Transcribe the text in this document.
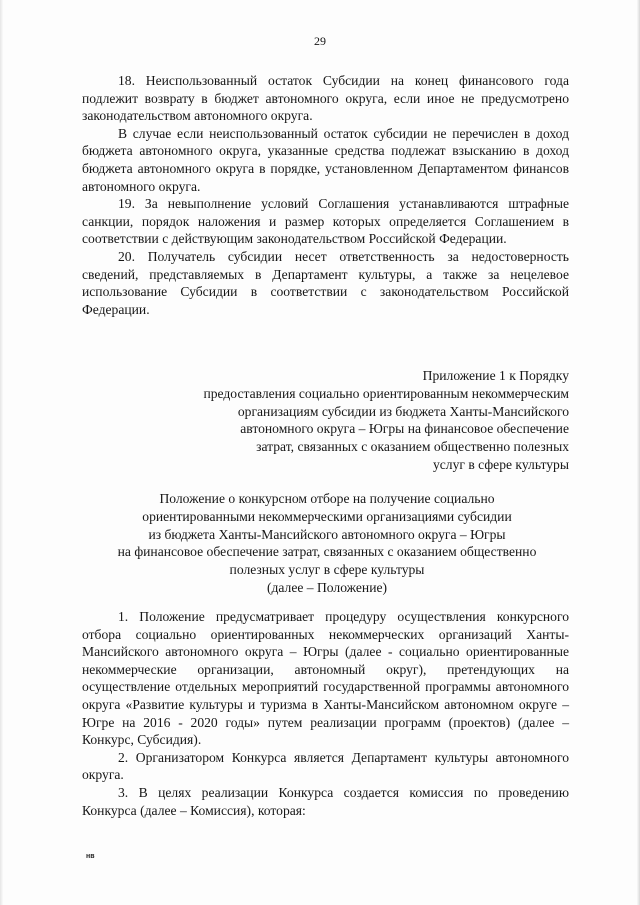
29

18. Неиспользованный остаток Субсидии на конец финансового года подлежит возврату в бюджет автономного округа, если иное не предусмотрено законодательством автономного округа.

В случае если неиспользованный остаток субсидии не перечислен в доход бюджета автономного округа, указанные средства подлежат взысканию в доход бюджета автономного округа в порядке, установленном Департаментом финансов автономного округа.

19. За невыполнение условий Соглашения устанавливаются штрафные санкции, порядок наложения и размер которых определяется Соглашением в соответствии с действующим законодательством Российской Федерации.

20. Получатель субсидии несет ответственность за недостоверность сведений, представляемых в Департамент культуры, а также за нецелевое использование Субсидии в соответствии с законодательством Российской Федерации.

Приложение 1 к Порядку
предоставления социально ориентированным некоммерческим
организациям субсидии из бюджета Ханты-Мансийского
автономного округа – Югры на финансовое обеспечение
затрат, связанных с оказанием общественно полезных
услуг в сфере культуры
Положение о конкурсном отборе на получение социально
ориентированными некоммерческими организациями субсидии
из бюджета Ханты-Мансийского автономного округа – Югры
на финансовое обеспечение затрат, связанных с оказанием общественно
полезных услуг в сфере культуры
(далее – Положение)

1. Положение предусматривает процедуру осуществления конкурсного отбора социально ориентированных некоммерческих организаций Ханты-Мансийского автономного округа – Югры (далее - социально ориентированные некоммерческие организации, автономный округ), претендующих на осуществление отдельных мероприятий государственной программы автономного округа «Развитие культуры и туризма в Ханты-Мансийском автономном округе – Югре на 2016 - 2020 годы» путем реализации программ (проектов) (далее – Конкурс, Субсидия).

2. Организатором Конкурса является Департамент культуры автономного округа.

3. В целях реализации Конкурса создается комиссия по проведению Конкурса (далее – Комиссия), которая:

нв
